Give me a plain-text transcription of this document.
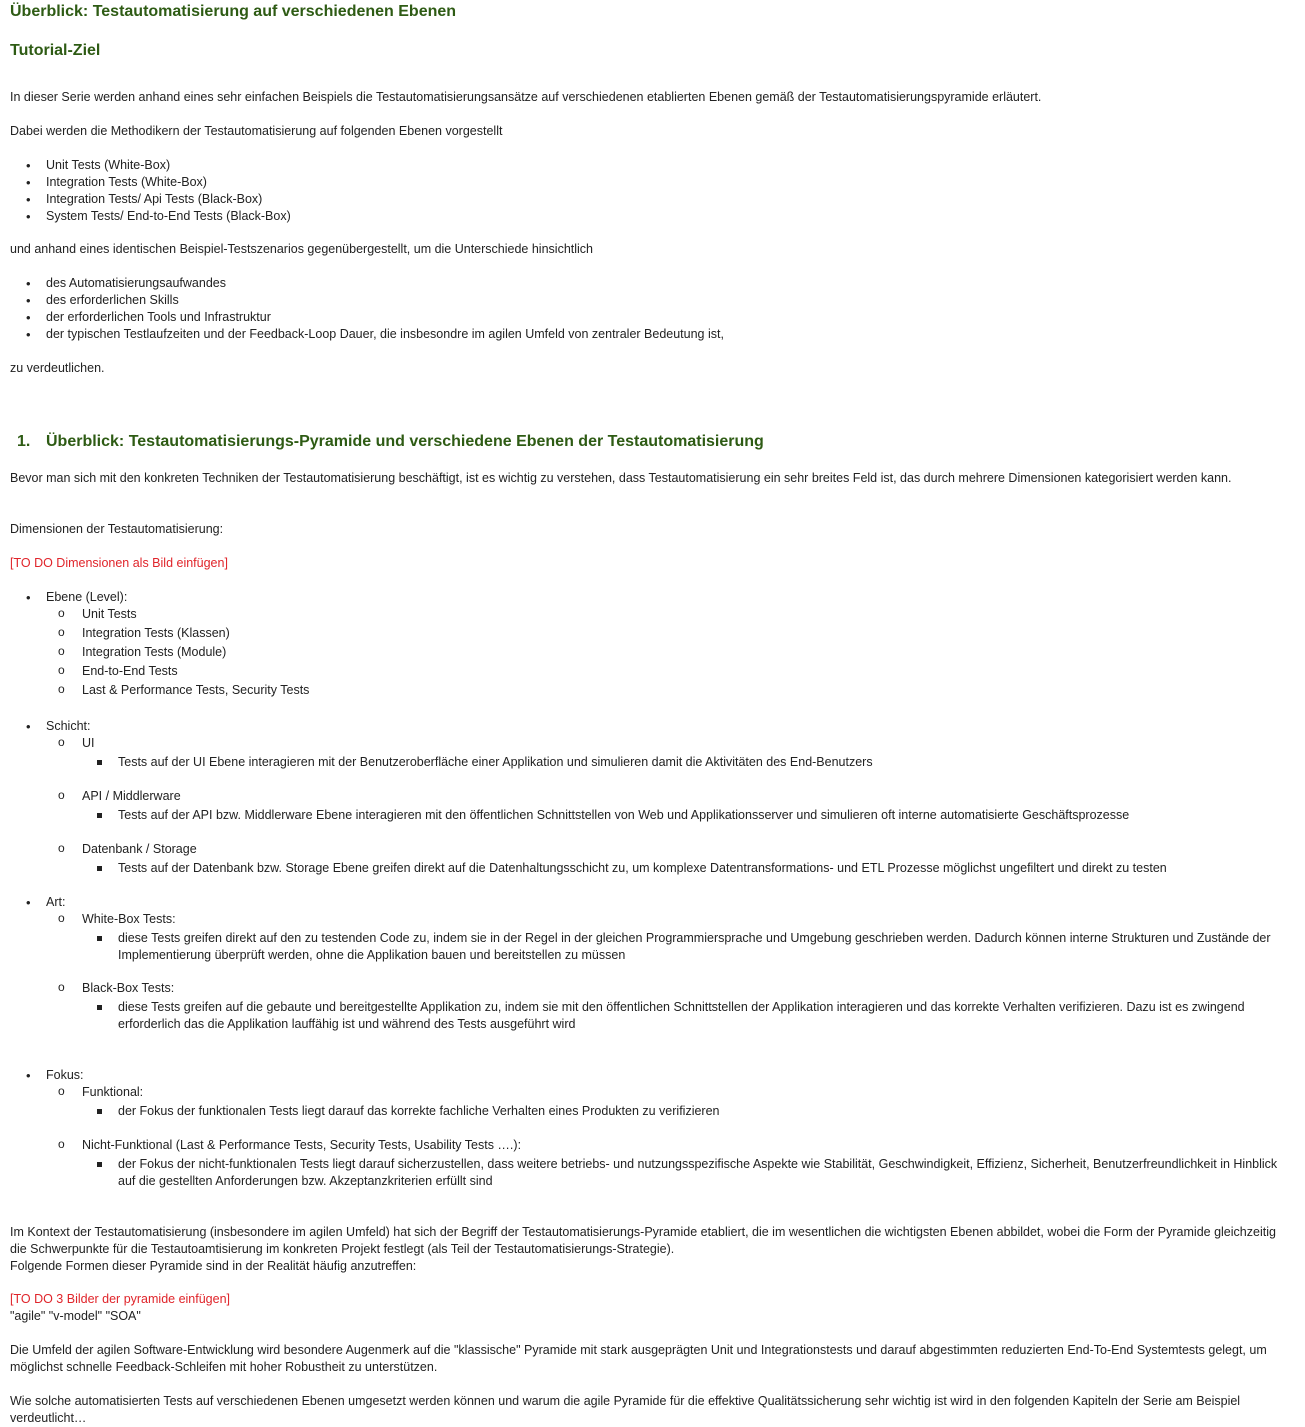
Überblick: Testautomatisierung auf verschiedenen Ebenen
Tutorial-Ziel
In dieser Serie werden anhand eines sehr einfachen Beispiels die Testautomatisierungsansätze auf verschiedenen etablierten Ebenen gemäß der Testautomatisierungspyramide erläutert.
Dabei werden die Methodikern der Testautomatisierung auf folgenden Ebenen vorgestellt
• Unit Tests (White-Box)
• Integration Tests (White-Box)
• Integration Tests/ Api Tests (Black-Box)
• System Tests/ End-to-End Tests (Black-Box)
und anhand eines identischen Beispiel-Testszenarios gegenübergestellt, um die Unterschiede hinsichtlich
• des Automatisierungsaufwandes
• des erforderlichen Skills
• der erforderlichen Tools und Infrastruktur
• der typischen Testlaufzeiten und der Feedback-Loop Dauer, die insbesondre im agilen Umfeld von zentraler Bedeutung ist,
zu verdeutlichen.
1. Überblick: Testautomatisierungs-Pyramide und verschiedene Ebenen der Testautomatisierung
Bevor man sich mit den konkreten Techniken der Testautomatisierung beschäftigt, ist es wichtig zu verstehen, dass Testautomatisierung ein sehr breites Feld ist, das durch mehrere Dimensionen kategorisiert werden kann.
Dimensionen der Testautomatisierung:
[TO DO Dimensionen als Bild einfügen]
• Ebene (Level):
o Unit Tests
o Integration Tests (Klassen)
o Integration Tests (Module)
o End-to-End Tests
o Last & Performance Tests, Security Tests
• Schicht:
o UI
Tests auf der UI Ebene interagieren mit der Benutzeroberfläche einer Applikation und simulieren damit die Aktivitäten des End-Benutzers
o API / Middlerware
Tests auf der API bzw. Middlerware Ebene interagieren mit den öffentlichen Schnittstellen von Web und Applikationsserver und simulieren oft interne automatisierte Geschäftsprozesse
o Datenbank / Storage
Tests auf der Datenbank bzw. Storage Ebene greifen direkt auf die Datenhaltungsschicht zu, um komplexe Datentransformations- und ETL Prozesse möglichst ungefiltert und direkt zu testen
• Art:
o White-Box Tests:
diese Tests greifen direkt auf den zu testenden Code zu, indem sie in der Regel in der gleichen Programmiersprache und Umgebung geschrieben werden. Dadurch können interne Strukturen und Zustände der Implementierung überprüft werden, ohne die Applikation bauen und bereitstellen zu müssen
o Black-Box Tests:
diese Tests greifen auf die gebaute und bereitgestellte Applikation zu, indem sie mit den öffentlichen Schnittstellen der Applikation interagieren und das korrekte Verhalten verifizieren. Dazu ist es zwingend erforderlich das die Applikation lauffähig ist und während des Tests ausgeführt wird
• Fokus:
o Funktional:
der Fokus der funktionalen Tests liegt darauf das korrekte fachliche Verhalten eines Produkten zu verifizieren
o Nicht-Funktional (Last & Performance Tests, Security Tests, Usability Tests ….):
der Fokus der nicht-funktionalen Tests liegt darauf sicherzustellen, dass weitere betriebs- und nutzungsspezifische Aspekte wie Stabilität, Geschwindigkeit, Effizienz, Sicherheit, Benutzerfreundlichkeit in Hinblick auf die gestellten Anforderungen bzw. Akzeptanzkriterien erfüllt sind
Im Kontext der Testautomatisierung (insbesondere im agilen Umfeld) hat sich der Begriff der Testautomatisierungs-Pyramide etabliert, die im wesentlichen die wichtigsten Ebenen abbildet, wobei die Form der Pyramide gleichzeitig die Schwerpunkte für die Testautoamtisierung im konkreten Projekt festlegt (als Teil der Testautomatisierungs-Strategie).
Folgende Formen dieser Pyramide sind in der Realität häufig anzutreffen:
[TO DO 3 Bilder der pyramide einfügen]
"agile" "v-model" "SOA"
Die Umfeld der agilen Software-Entwicklung wird besondere Augenmerk auf die "klassische" Pyramide mit stark ausgeprägten Unit und Integrationstests und darauf abgestimmten reduzierten End-To-End Systemtests gelegt, um möglichst schnelle Feedback-Schleifen mit hoher Robustheit zu unterstützen.
Wie solche automatisierten Tests auf verschiedenen Ebenen umgesetzt werden können und warum die agile Pyramide für die effektive Qualitätssicherung sehr wichtig ist wird in den folgenden Kapiteln der Serie am Beispiel verdeutlicht…
